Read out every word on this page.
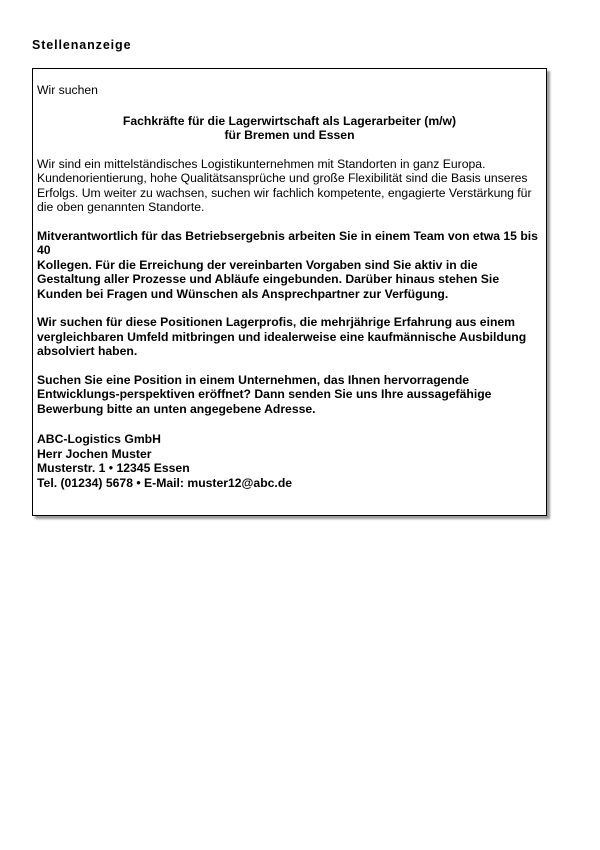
Stellenanzeige

Wir suchen

Fachkräfte für die Lagerwirtschaft als Lagerarbeiter (m/w)
für Bremen und Essen

Wir sind ein mittelständisches Logistikunternehmen mit Standorten in ganz Europa. Kundenorientierung, hohe Qualitätsansprüche und große Flexibilität sind die Basis unseres Erfolgs. Um weiter zu wachsen, suchen wir fachlich kompetente, engagierte Verstärkung für die oben genannten Standorte.

Mitverantwortlich für das Betriebsergebnis arbeiten Sie in einem Team von etwa 15 bis 40
Kollegen. Für die Erreichung der vereinbarten Vorgaben sind Sie aktiv in die Gestaltung aller Prozesse und Abläufe eingebunden. Darüber hinaus stehen Sie Kunden bei Fragen und Wünschen als Ansprechpartner zur Verfügung.

Wir suchen für diese Positionen Lagerprofis, die mehrjährige Erfahrung aus einem vergleichbaren Umfeld mitbringen und idealerweise eine kaufmännische Ausbildung absolviert haben.

Suchen Sie eine Position in einem Unternehmen, das Ihnen hervorragende Entwicklungs-perspektiven eröffnet? Dann senden Sie uns Ihre aussagefähige Bewerbung bitte an unten angegebene Adresse.

ABC-Logistics GmbH
Herr Jochen Muster
Musterstr. 1 • 12345 Essen
Tel. (01234) 5678 • E-Mail: muster12@abc.de
